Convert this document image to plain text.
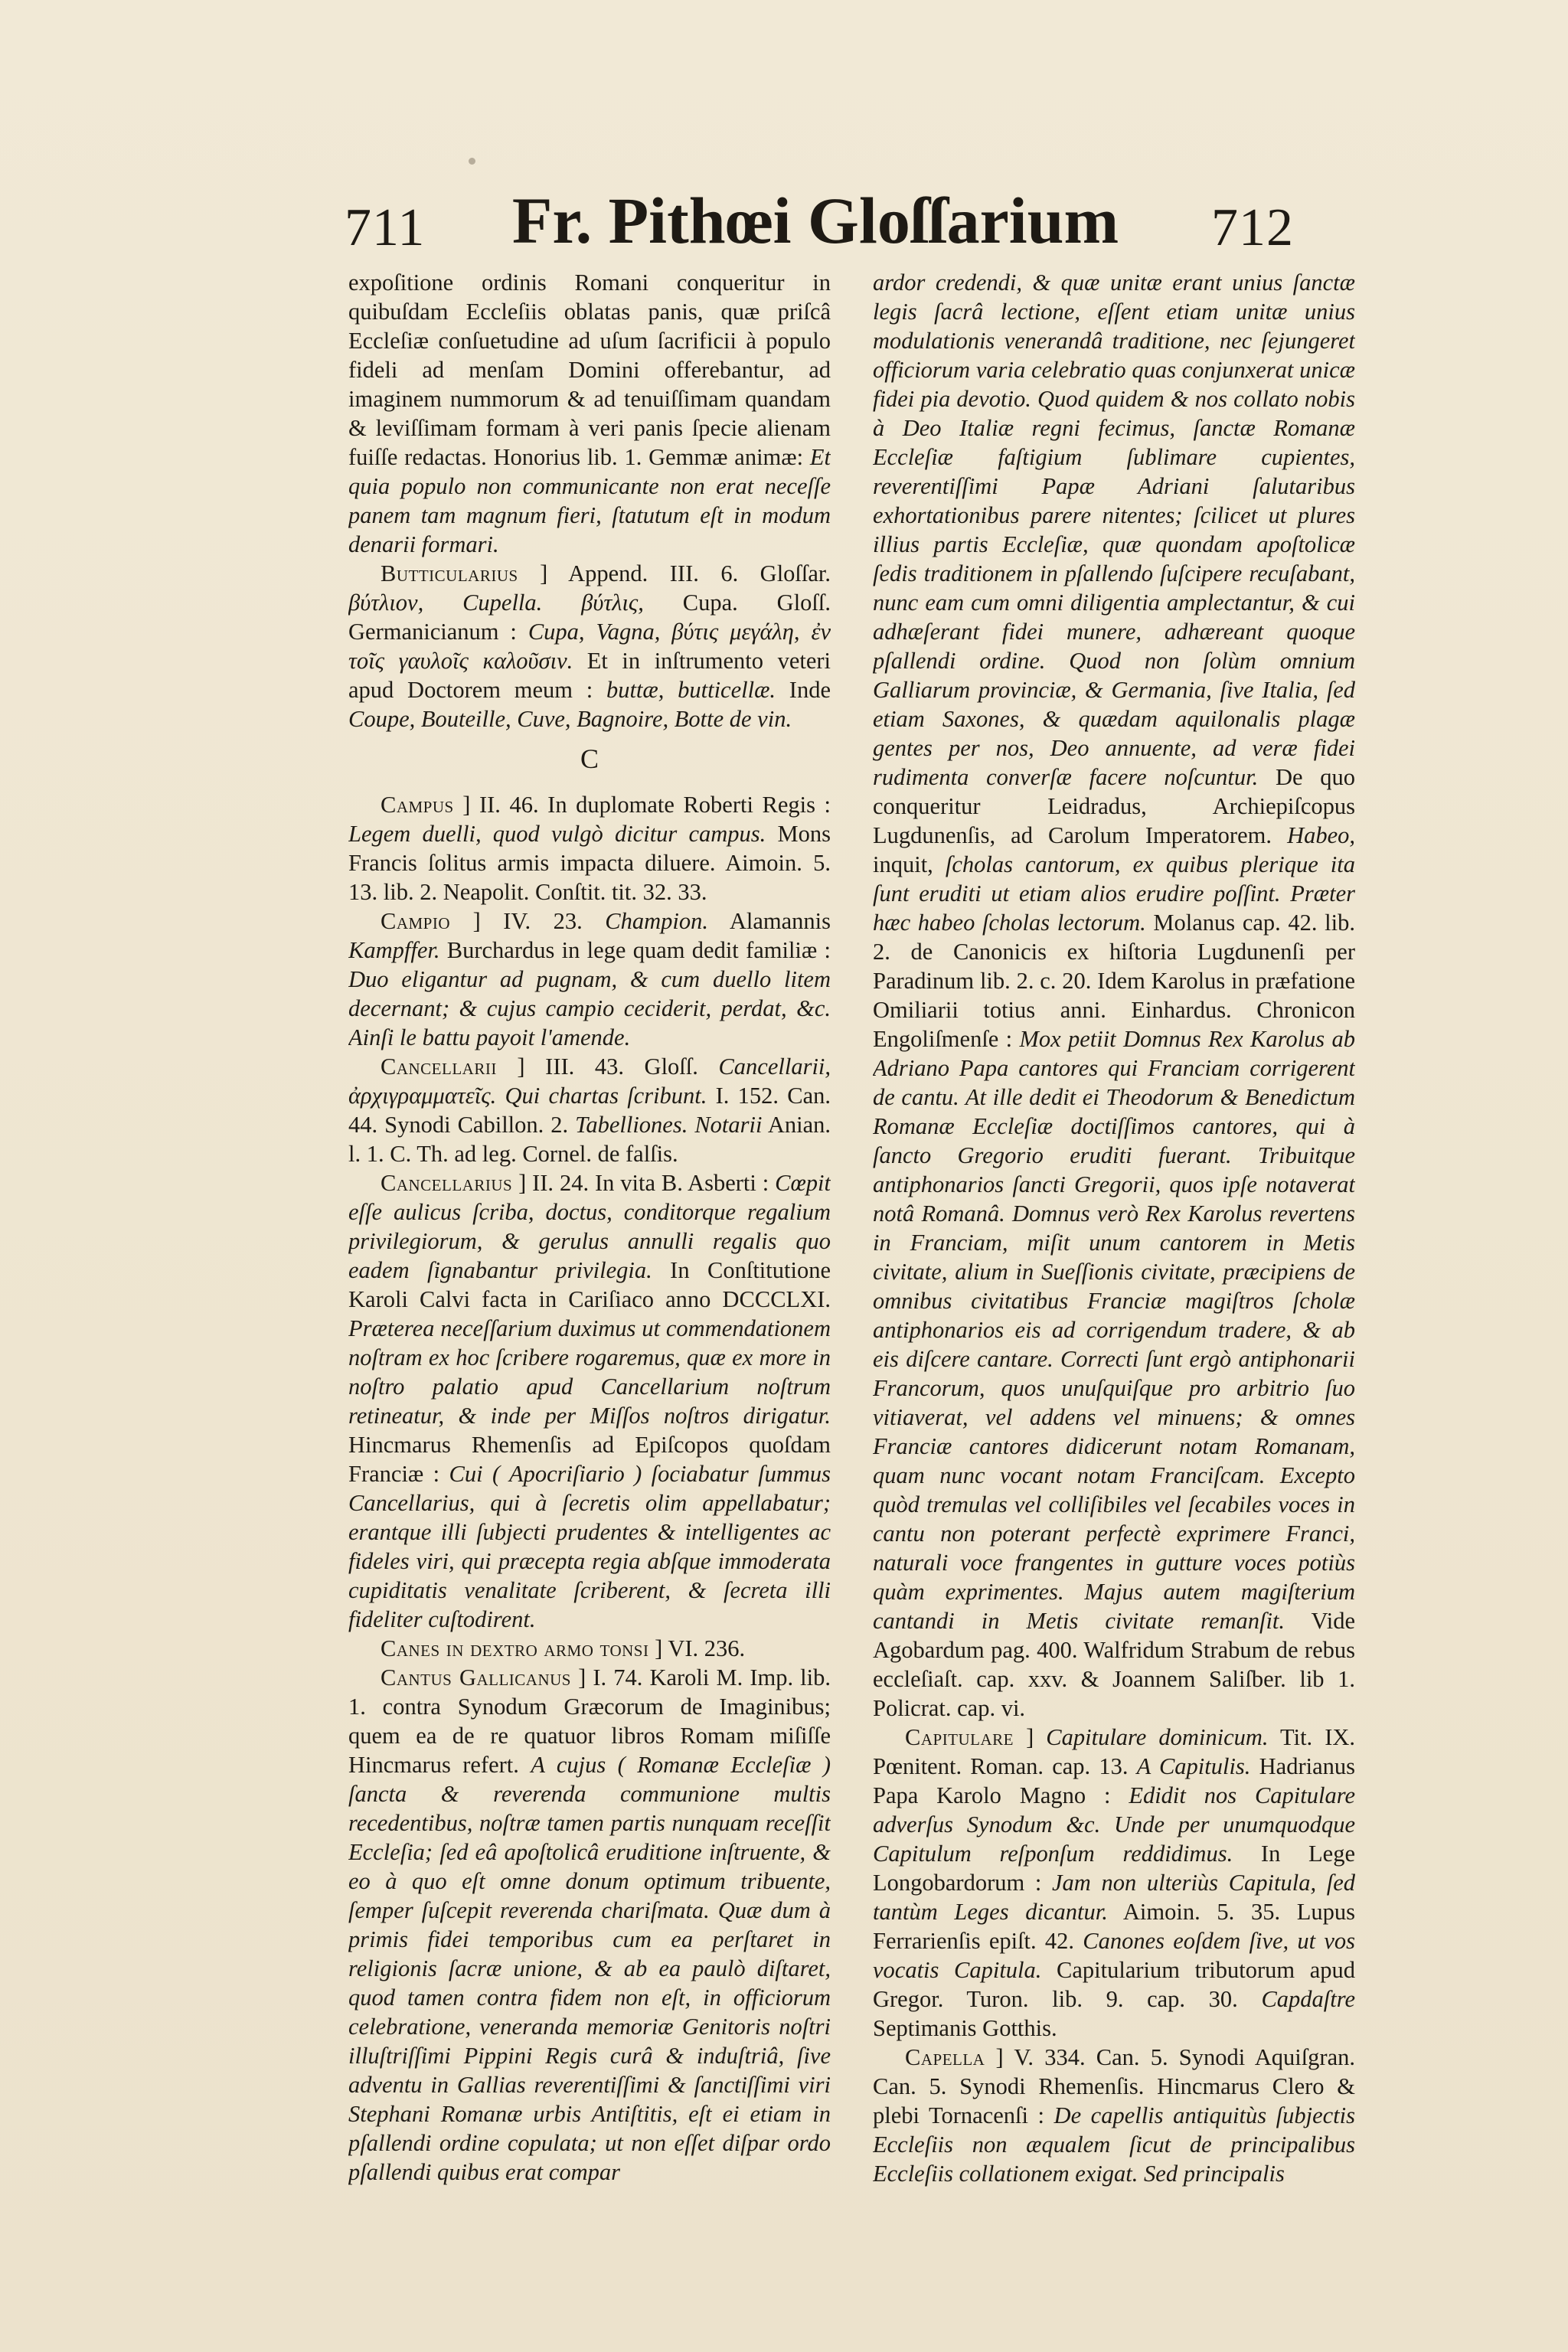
711	Fr. Pithœi Gloſſarium	712

expoſitione ordinis Romani conqueritur in quibuſdam Eccleſiis oblatas panis, quæ priſcâ Eccleſiæ conſuetudine ad uſum ſacrificii à populo fideli ad menſam Domini offerebantur, ad imaginem nummorum & ad tenuiſſimam quandam & leviſſimam formam à veri panis ſpecie alienam fuiſſe redactas. Honorius lib. 1. Gemmæ animæ: Et quia populo non communicante non erat neceſſe panem tam magnum fieri, ſtatutum eſt in modum denarii formari.

Butticularius ] Append. III. 6. Gloſſar. βύτλιον, Cupella. βύτλις, Cupa. Gloſſ. Germanicianum : Cupa, Vagna, βύτις μεγάλη, ἐν τοῖς γαυλοῖς καλοῦσιν. Et in inſtrumento veteri apud Doctorem meum : buttæ, butticellæ. Inde Coupe, Bouteille, Cuve, Bagnoire, Botte de vin.

C

Campus ] II. 46. In duplomate Roberti Regis : Legem duelli, quod vulgò dicitur campus. Mons Francis ſolitus armis impacta diluere. Aimoin. 5. 13. lib. 2. Neapolit. Conſtit. tit. 32. 33.

Campio ] IV. 23. Champion. Alamannis Kampffer. Burchardus in lege quam dedit familiæ : Duo eligantur ad pugnam, & cum duello litem decernant; & cujus campio ceciderit, perdat, &c. Ainſi le battu payoit l'amende.

Cancellarii ] III. 43. Gloſſ. Cancellarii, ἀρχιγραμματεῖς. Qui chartas ſcribunt. I. 152. Can. 44. Synodi Cabillon. 2. Tabelliones. Notarii Anian. l. 1. C. Th. ad leg. Cornel. de falſis.

Cancellarius ] II. 24. In vita B. Asberti : Cœpit eſſe aulicus ſcriba, doctus, conditorque regalium privilegiorum, & gerulus annulli regalis quo eadem ſignabantur privilegia. In Conſtitutione Karoli Calvi facta in Cariſiaco anno DCCCLXI. Præterea neceſſarium duximus ut commendationem noſtram ex hoc ſcribere rogaremus, quæ ex more in noſtro palatio apud Cancellarium noſtrum retineatur, & inde per Miſſos noſtros dirigatur. Hincmarus Rhemenſis ad Epiſcopos quoſdam Franciæ : Cui ( Apocriſiario ) ſociabatur ſummus Cancellarius, qui à ſecretis olim appellabatur; erantque illi ſubjecti prudentes & intelligentes ac fideles viri, qui præcepta regia abſque immoderata cupiditatis venalitate ſcriberent, & ſecreta illi fideliter cuſtodirent.

Canes in dextro armo tonsi ] VI. 236.

Cantus Gallicanus ] I. 74. Karoli M. Imp. lib. 1. contra Synodum Græcorum de Imaginibus; quem ea de re quatuor libros Romam miſiſſe Hincmarus refert. A cujus ( Romanæ Eccleſiæ ) ſancta & reverenda communione multis recedentibus, noſtræ tamen partis nunquam receſſit Eccleſia; ſed eâ apoſtolicâ eruditione inſtruente, & eo à quo eſt omne donum optimum tribuente, ſemper ſuſcepit reverenda chariſmata. Quæ dum à primis fidei temporibus cum ea perſtaret in religionis ſacræ unione, & ab ea paulò diſtaret, quod tamen contra fidem non eſt, in officiorum celebratione, veneranda memoriæ Genitoris noſtri illuſtriſſimi Pippini Regis curâ & induſtriâ, ſive adventu in Gallias reverentiſſimi & ſanctiſſimi viri Stephani Romanæ urbis Antiſtitis, eſt ei etiam in pſallendi ordine copulata; ut non eſſet diſpar ordo pſallendi quibus erat compar

ardor credendi, & quæ unitæ erant unius ſanctæ legis ſacrâ lectione, eſſent etiam unitæ unius modulationis venerandâ traditione, nec ſejungeret officiorum varia celebratio quas conjunxerat unicæ fidei pia devotio. Quod quidem & nos collato nobis à Deo Italiæ regni fecimus, ſanctæ Romanæ Eccleſiæ faſtigium ſublimare cupientes, reverentiſſimi Papæ Adriani ſalutaribus exhortationibus parere nitentes; ſcilicet ut plures illius partis Eccleſiæ, quæ quondam apoſtolicæ ſedis traditionem in pſallendo ſuſcipere recuſabant, nunc eam cum omni diligentia amplectantur, & cui adhæſerant fidei munere, adhæreant quoque pſallendi ordine. Quod non ſolùm omnium Galliarum provinciæ, & Germania, ſive Italia, ſed etiam Saxones, & quædam aquilonalis plagæ gentes per nos, Deo annuente, ad veræ fidei rudimenta converſæ facere noſcuntur. De quo conqueritur Leidradus, Archiepiſcopus Lugdunenſis, ad Carolum Imperatorem. Habeo, inquit, ſcholas cantorum, ex quibus plerique ita ſunt eruditi ut etiam alios erudire poſſint. Præter hæc habeo ſcholas lectorum. Molanus cap. 42. lib. 2. de Canonicis ex hiſtoria Lugdunenſi per Paradinum lib. 2. c. 20. Idem Karolus in præfatione Omiliarii totius anni. Einhardus. Chronicon Engoliſmenſe : Mox petiit Domnus Rex Karolus ab Adriano Papa cantores qui Franciam corrigerent de cantu. At ille dedit ei Theodorum & Benedictum Romanæ Eccleſiæ doctiſſimos cantores, qui à ſancto Gregorio eruditi fuerant. Tribuitque antiphonarios ſancti Gregorii, quos ipſe notaverat notâ Romanâ. Domnus verò Rex Karolus revertens in Franciam, miſit unum cantorem in Metis civitate, alium in Sueſſionis civitate, præcipiens de omnibus civitatibus Franciæ magiſtros ſcholæ antiphonarios eis ad corrigendum tradere, & ab eis diſcere cantare. Correcti ſunt ergò antiphonarii Francorum, quos unuſquiſque pro arbitrio ſuo vitiaverat, vel addens vel minuens; & omnes Franciæ cantores didicerunt notam Romanam, quam nunc vocant notam Franciſcam. Excepto quòd tremulas vel colliſibiles vel ſecabiles voces in cantu non poterant perfectè exprimere Franci, naturali voce frangentes in gutture voces potiùs quàm exprimentes. Majus autem magiſterium cantandi in Metis civitate remanſit. Vide Agobardum pag. 400. Walfridum Strabum de rebus eccleſiaſt. cap. xxv. & Joannem Saliſber. lib 1. Policrat. cap. vi.

Capitulare ] Capitulare dominicum. Tit. IX. Pœnitent. Roman. cap. 13. A Capitulis. Hadrianus Papa Karolo Magno : Edidit nos Capitulare adverſus Synodum &c. Unde per unumquodque Capitulum reſponſum reddidimus. In Lege Longobardorum : Jam non ulteriùs Capitula, ſed tantùm Leges dicantur. Aimoin. 5. 35. Lupus Ferrarienſis epiſt. 42. Canones eoſdem ſive, ut vos vocatis Capitula. Capitularium tributorum apud Gregor. Turon. lib. 9. cap. 30. Capdaſtre Septimanis Gotthis.

Capella ] V. 334. Can. 5. Synodi Aquiſgran. Can. 5. Synodi Rhemenſis. Hincmarus Clero & plebi Tornacenſi : De capellis antiquitùs ſubjectis Eccleſiis non æqualem ſicut de principalibus Eccleſiis collationem exigat. Sed principalis
